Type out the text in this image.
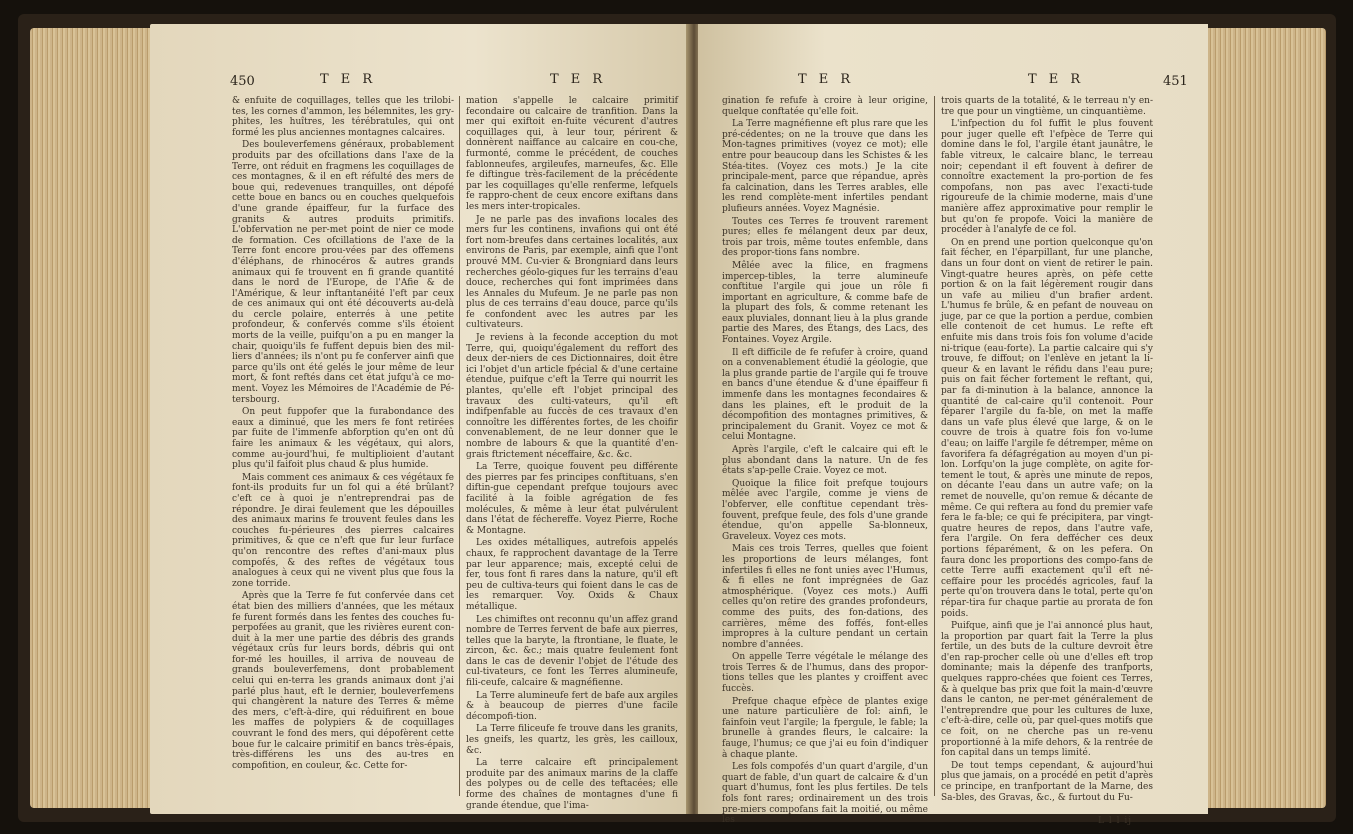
450	T E R	T E R

& enfuite de coquillages, telles que les trilobi-tes, les cornes d'ammon, les bélemnites, les gry-phites, les huîtres, les térébratules, qui ont formé les plus anciennes montagnes calcaires.

Des bouleverfemens généraux, probablement produits par des ofcillations dans l'axe de la Terre, ont réduit en fragmens les coquillages de ces montagnes, & il en eft réfulté des mers de boue qui, redevenues tranquilles, ont dépofé cette boue en bancs ou en couches quelquefois d'une grande épaiffeur, fur la furface des granits & autres produits primitifs. L'obfervation ne per-met point de nier ce mode de formation. Ces ofcillations de l'axe de la Terre font encore prou-vées par des offemens d'éléphans, de rhinocéros & autres grands animaux qui fe trouvent en fi grande quantité dans le nord de l'Europe, de l'Afie & de l'Amérique, & leur inftantanéité l'eft par ceux de ces animaux qui ont été découverts au-delà du cercle polaire, enterrés à une petite profondeur, & confervés comme s'ils étoient morts de la veille, puifqu'on a pu en manger la chair, quoiqu'ils fe fuffent depuis bien des mil-liers d'années; ils n'ont pu fe conferver ainfi que parce qu'ils ont été gelés le jour même de leur mort, & font reftés dans cet état jufqu'à ce mo-ment. Voyez les Mémoires de l'Académie de Pé-tersbourg.

On peut fuppofer que la furabondance des eaux a diminué, que les mers fe font retirées par fuite de l'immenfe abforption qu'en ont dû faire les animaux & les végétaux, qui alors, comme au-jourd'hui, fe multiplioient d'autant plus qu'il faifoit plus chaud & plus humide.

Mais comment ces animaux & ces végétaux fe font-ils produits fur un fol qui a été brûlant? c'eft ce à quoi je n'entreprendrai pas de répondre. Je dirai feulement que les dépouilles des animaux marins fe trouvent feules dans les couches fu-périeures des pierres calcaires primitives, & que ce n'eft que fur leur furface qu'on rencontre des reftes d'ani-maux plus compofés, & des reftes de végétaux tous analogues à ceux qui ne vivent plus que fous la zone torride.

Après que la Terre fe fut confervée dans cet état bien des milliers d'années, que les métaux fe furent formés dans les fentes des couches fu-perpofées au granit, que les rivières eurent con-duit à la mer une partie des débris des grands végétaux crûs fur leurs bords, débris qui ont for-mé les houilles, il arriva de nouveau de grands bouleverfemens, dont probablement celui qui en-terra les grands animaux dont j'ai parlé plus haut, eft le dernier, bouleverfemens qui changèrent la nature des Terres & même des mers, c'eft-à-dire, qui réduifirent en boue les maffes de polypiers & de coquillages couvrant le fond des mers, qui dépofèrent cette boue fur le calcaire primitif en bancs très-épais, très-différens les uns des au-tres en compofition, en couleur, &c. Cette for-

mation s'appelle le calcaire primitif fecondaire ou calcaire de tranfition. Dans la mer qui exiftoit en-fuite vécurent d'autres coquillages qui, à leur tour, périrent & donnèrent naiffance au calcaire en cou-che, furmonté, comme le précédent, de couches fablonneufes, argileufes, marneufes, &c. Elle fe diftingue très-facilement de la précédente par les coquillages qu'elle renferme, lefquels fe rappro-chent de ceux encore exiftans dans les mers inter-tropicales.

Je ne parle pas des invafions locales des mers fur les continens, invafions qui ont été fort nom-breufes dans certaines localités, aux environs de Paris, par exemple, ainfi que l'ont prouvé MM. Cu-vier & Brongniard dans leurs recherches géolo-giques fur les terrains d'eau douce, recherches qui font imprimées dans les Annales du Mufeum. Je ne parle pas non plus de ces terrains d'eau douce, parce qu'ils fe confondent avec les autres par les cultivateurs.

Je reviens à la feconde acception du mot Terre, qui, quoiqu'également du reffort des deux der-niers de ces Dictionnaires, doit être ici l'objet d'un article fpécial & d'une certaine étendue, puifque c'eft la Terre qui nourrit les plantes, qu'elle eft l'objet principal des travaux des culti-vateurs, qu'il eft indifpenfable au fuccès de ces travaux d'en connoître les différentes fortes, de les choifir convenablement, de ne leur donner que le nombre de labours & que la quantité d'en-grais ftrictement néceffaire, &c. &c.

La Terre, quoique fouvent peu différente des pierres par fes principes conftituans, s'en diftin-gue cependant prefque toujours avec facilité à la foible agrégation de fes molécules, & même à leur état pulvérulent dans l'état de féchereffe. Voyez Pierre, Roche & Montagne.

Les oxides métalliques, autrefois appelés chaux, fe rapprochent davantage de la Terre par leur apparence; mais, excepté celui de fer, tous font fi rares dans la nature, qu'il eft peu de cultiva-teurs qui foient dans le cas de les remarquer. Voy. Oxids & Chaux métallique.

Les chimiftes ont reconnu qu'un affez grand nombre de Terres fervent de bafe aux pierres, telles que la baryte, la ftrontiane, le fluate, le zircon, &c. &c.; mais quatre feulement font dans le cas de devenir l'objet de l'étude des cul-tivateurs, ce font les Terres alumineufe, fili-ceufe, calcaire & magnéfienne.

La Terre alumineufe fert de bafe aux argiles & à beaucoup de pierres d'une facile décompofi-tion.

La Terre filiceufe fe trouve dans les granits, les gneifs, les quartz, les grès, les cailloux, &c.

La terre calcaire eft principalement produite par des animaux marins de la claffe des polypes ou de celle des teftacées; elle forme des chaînes de montagnes d'une fi grande étendue, que l'ima-

T E R	T E R	451

gination fe refufe à croire à leur origine, quelque conftatée qu'elle foit.

La Terre magnéfienne eft plus rare que les pré-cédentes; on ne la trouve que dans les Mon-tagnes primitives (voyez ce mot); elle entre pour beaucoup dans les Schistes & les Stéa-tites. (Voyez ces mots.) Je la cite principale-ment, parce que répandue, après fa calcination, dans les Terres arables, elle les rend complète-ment infertiles pendant plufieurs années. Voyez Magnésie.

Toutes ces Terres fe trouvent rarement pures; elles fe mélangent deux par deux, trois par trois, même toutes enfemble, dans des propor-tions fans nombre.

Mêlée avec la filice, en fragmens impercep-tibles, la terre alumineufe conftitue l'argile qui joue un rôle fi important en agriculture, & comme bafe de la plupart des fols, & comme retenant les eaux pluviales, donnant lieu à la plus grande partie des Mares, des Étangs, des Lacs, des Fontaines. Voyez Argile.

Il eft difficile de fe refufer à croire, quand on a convenablement étudié la géologie, que la plus grande partie de l'argile qui fe trouve en bancs d'une étendue & d'une épaiffeur fi immenfe dans les montagnes fecondaires & dans les plaines, eft le produit de la décompofition des montagnes primitives, & principalement du Granit. Voyez ce mot & celui Montagne.

Après l'argile, c'eft le calcaire qui eft le plus abondant dans la nature. Un de fes états s'ap-pelle Craie. Voyez ce mot.

Quoique la filice foit prefque toujours mêlée avec l'argile, comme je viens de l'obferver, elle conftitue cependant très-fouvent, prefque feule, des fols d'une grande étendue, qu'on appelle Sa-blonneux, Graveleux. Voyez ces mots.

Mais ces trois Terres, quelles que foient les proportions de leurs mélanges, font infertiles fi elles ne font unies avec l'Humus, & fi elles ne font imprégnées de Gaz atmosphérique. (Voyez ces mots.) Auffi celles qu'on retire des grandes profondeurs, comme des puits, des fon-dations, des carrières, même des foffés, font-elles impropres à la culture pendant un certain nombre d'années.

On appelle Terre végétale le mélange des trois Terres & de l'humus, dans des propor-tions telles que les plantes y croiffent avec fuccès.

Prefque chaque efpèce de plantes exige une nature particulière de fol: ainfi, le fainfoin veut l'argile; la fpergule, le fable; la brunelle à grandes fleurs, le calcaire: la fauge, l'humus; ce que j'ai eu foin d'indiquer à chaque plante.

Les fols compofés d'un quart d'argile, d'un quart de fable, d'un quart de calcaire & d'un quart d'humus, font les plus fertiles. De tels fols font rares; ordinairement un des trois pre-miers compofans fait la moitié, ou même les

trois quarts de la totalité, & le terreau n'y en-tre que pour un vingtième, un cinquantième.

L'infpection du fol fuffit le plus fouvent pour juger quelle eft l'efpèce de Terre qui domine dans le fol, l'argile étant jaunâtre, le fable vitreux, le calcaire blanc, le terreau noir; cependant il eft fouvent à defirer de connoître exactement la pro-portion de fes compofans, non pas avec l'exacti-tude rigoureufe de la chimie moderne, mais d'une manière affez approximative pour remplir le but qu'on fe propofe. Voici la manière de procéder à l'analyfe de ce fol.

On en prend une portion quelconque qu'on fait fécher, en l'éparpillant, fur une planche, dans un four dont on vient de retirer le pain. Vingt-quatre heures après, on pèfe cette portion & on la fait légèrement rougir dans un vafe au milieu d'un brafier ardent. L'humus fe brûle, & en pefant de nouveau on juge, par ce que la portion a perdue, combien elle contenoit de cet humus. Le refte eft enfuite mis dans trois fois fon volume d'acide ni-trique (eau-forte). La partie calcaire qui s'y trouve, fe diffout; on l'enlève en jetant la li-queur & en lavant le réfidu dans l'eau pure; puis on fait fécher fortement le reftant, qui, par fa di-minution à la balance, annonce la quantité de cal-caire qu'il contenoit. Pour féparer l'argile du fa-ble, on met la maffe dans un vafe plus élevé que large, & on le couvre de trois à quatre fois fon vo-lume d'eau; on laiffe l'argile fe détremper, même on favorifera fa défagrégation au moyen d'un pi-lon. Lorfqu'on la juge complète, on agite for-tement le tout, & après une minute de repos, on décante l'eau dans un autre vafe; on la remet de nouvelle, qu'on remue & décante de même. Ce qui reftera au fond du premier vafe fera le fa-ble; ce qui fe précipitera, par vingt-quatre heures de repos, dans l'autre vafe, fera l'argile. On fera deffécher ces deux portions féparément, & on les pefera. On faura donc les proportions des compo-fans de cette Terre auffi exactement qu'il eft né-ceffaire pour les procédés agricoles, fauf la perte qu'on trouvera dans le total, perte qu'on répar-tira fur chaque partie au prorata de fon poids.

Puifque, ainfi que je l'ai annoncé plus haut, la proportion par quart fait la Terre la plus fertile, un des buts de la culture devroit être d'en rap-procher celle où une d'elles eft trop dominante; mais la dépenfe des tranfports, quelques rappro-chées que foient ces Terres, & à quelque bas prix que foit la main-d'œuvre dans le canton, ne per-met généralement de l'entreprendre que pour les cultures de luxe, c'eft-à-dire, celle où, par quel-ques motifs que ce foit, on ne cherche pas un re-venu proportionné à la mife dehors, & la rentrée de fon capital dans un temps limité.

De tout temps cependant, & aujourd'hui plus que jamais, on a procédé en petit d'après ce principe, en tranfportant de la Marne, des Sa-bles, des Gravas, &c., & furtout du Fu-

L l l ij
